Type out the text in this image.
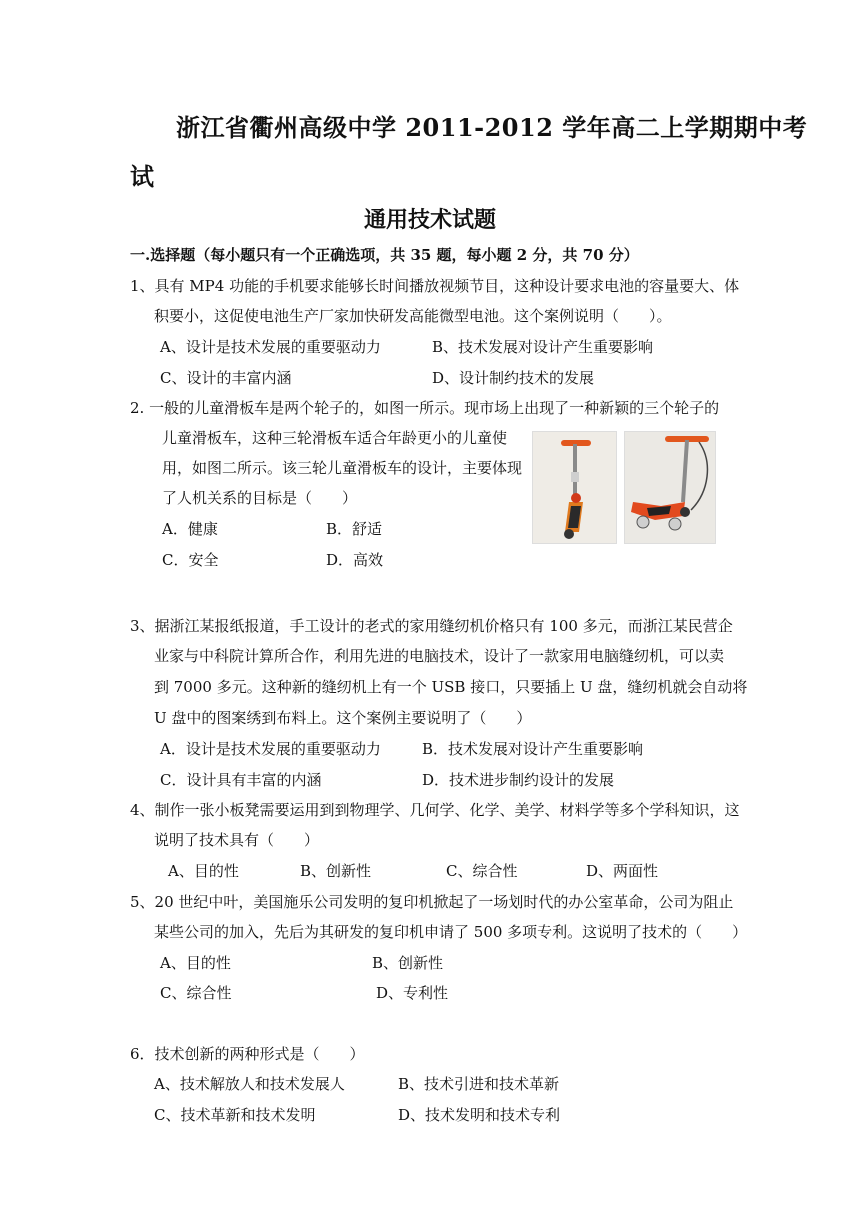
浙江省衢州高级中学 2011-2012 学年高二上学期期中考
试
通用技术试题
一.选择题（每小题只有一个正确选项，共 35 题，每小题 2 分，共 70 分）
1、具有 MP4 功能的手机要求能够长时间播放视频节目，这种设计要求电池的容量要大、体
积要小，这促使电池生产厂家加快研发高能微型电池。这个案例说明（　　）。
A、设计是技术发展的重要驱动力	B、技术发展对设计产生重要影响
C、设计的丰富内涵	D、设计制约技术的发展
2. 一般的儿童滑板车是两个轮子的，如图一所示。现市场上出现了一种新颖的三个轮子的
儿童滑板车，这种三轮滑板车适合年龄更小的儿童使
用，如图二所示。该三轮儿童滑板车的设计，主要体现
了人机关系的目标是（　　）
A．健康	B．舒适
C．安全	D．高效
3、据浙江某报纸报道，手工设计的老式的家用缝纫机价格只有 100 多元，而浙江某民营企
业家与中科院计算所合作，利用先进的电脑技术，设计了一款家用电脑缝纫机，可以卖
到 7000 多元。这种新的缝纫机上有一个 USB 接口，只要插上 U 盘，缝纫机就会自动将
U 盘中的图案绣到布料上。这个案例主要说明了（　　）
A．设计是技术发展的重要驱动力	B．技术发展对设计产生重要影响
C．设计具有丰富的内涵	D．技术进步制约设计的发展
4、制作一张小板凳需要运用到到物理学、几何学、化学、美学、材料学等多个学科知识，这
说明了技术具有（　　）
A、目的性	B、创新性	C、综合性	D、两面性
5、20 世纪中叶，美国施乐公司发明的复印机掀起了一场划时代的办公室革命，公司为阻止
某些公司的加入，先后为其研发的复印机申请了 500 多项专利。这说明了技术的（　　）
A、目的性	B、创新性
C、综合性	D、专利性
6．技术创新的两种形式是（　　）
A、技术解放人和技术发展人	B、技术引进和技术革新
C、技术革新和技术发明	D、技术发明和技术专利
